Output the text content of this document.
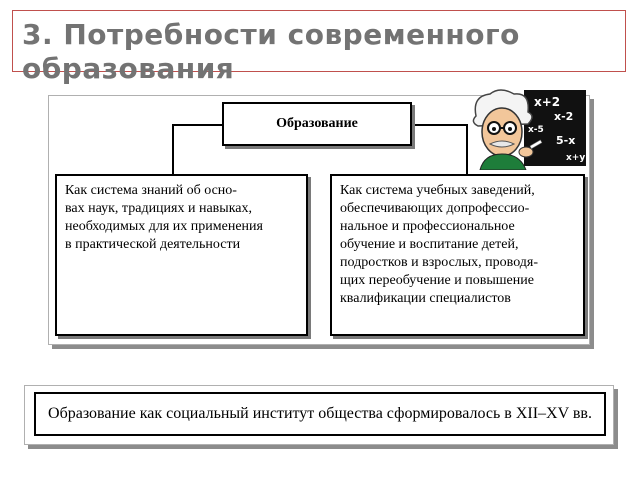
3. Потребности современного образования
Образование
Как система знаний об осно-
вах наук, традициях и навыках,
необходимых для их применения
в практической деятельности
Как система учебных заведений,
обеспечивающих допрофессио-
нальное и профессиональное
обучение и воспитание детей,
подростков и взрослых, проводя-
щих переобучение и повышение
квалификации специалистов
x+2
x-2
5-x
x+y
x-5
Образование как социальный институт общества сформировалось в XII–XV вв.
